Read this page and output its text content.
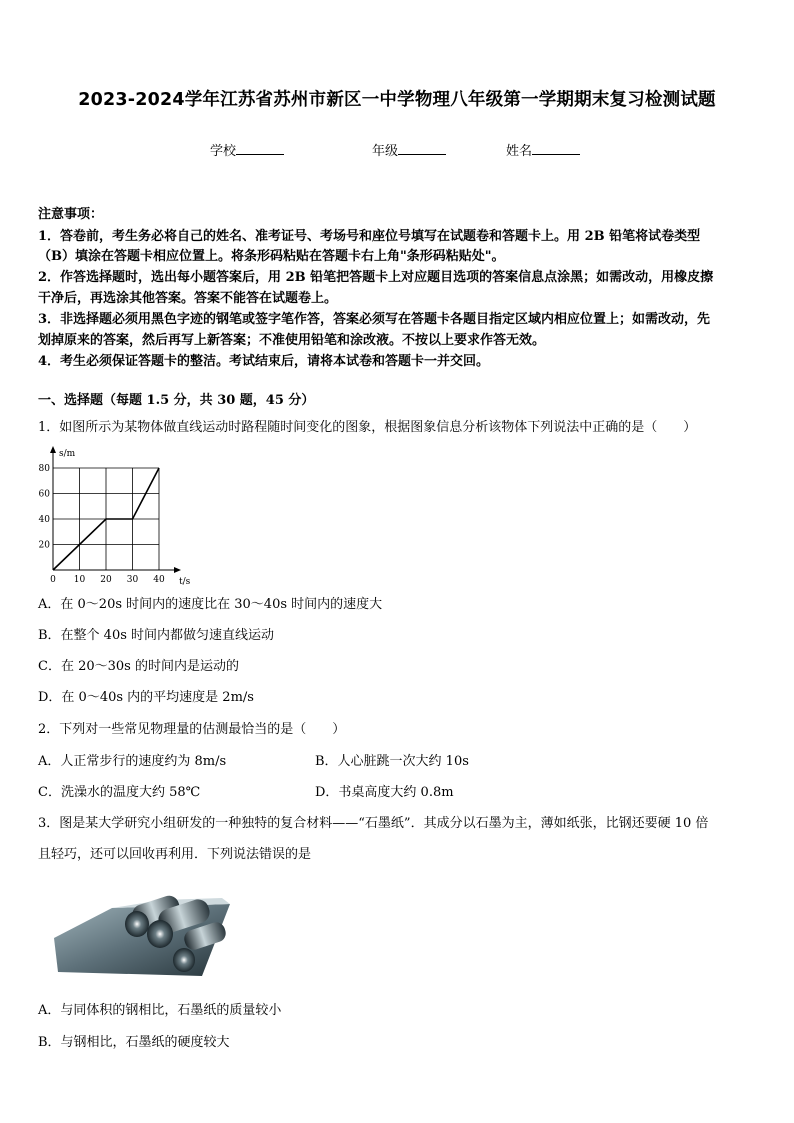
2023-2024学年江苏省苏州市新区一中学物理八年级第一学期期末复习检测试题
学校	年级	姓名
注意事项：
1．答卷前，考生务必将自己的姓名、准考证号、考场号和座位号填写在试题卷和答题卡上。用 2B 铅笔将试卷类型
（B）填涂在答题卡相应位置上。将条形码粘贴在答题卡右上角"条形码粘贴处"。
2．作答选择题时，选出每小题答案后，用 2B 铅笔把答题卡上对应题目选项的答案信息点涂黑；如需改动，用橡皮擦
干净后，再选涂其他答案。答案不能答在试题卷上。
3．非选择题必须用黑色字迹的钢笔或签字笔作答，答案必须写在答题卡各题目指定区域内相应位置上；如需改动，先
划掉原来的答案，然后再写上新答案；不准使用铅笔和涂改液。不按以上要求作答无效。
4．考生必须保证答题卡的整洁。考试结束后，请将本试卷和答题卡一并交回。
一、选择题（每题 1.5 分，共 30 题，45 分）
1．如图所示为某物体做直线运动时路程随时间变化的图象，根据图象信息分析该物体下列说法中正确的是（　　）
0 10 20 30 40
20
40
60
80
s/m
t/s
A．在 0～20s 时间内的速度比在 30～40s 时间内的速度大
B．在整个 40s 时间内都做匀速直线运动
C．在 20～30s 的时间内是运动的
D．在 0～40s 内的平均速度是 2m/s
2．下列对一些常见物理量的估测最恰当的是（　　）
A．人正常步行的速度约为 8m/s	B．人心脏跳一次大约 10s
C．洗澡水的温度大约 58℃	D．书桌高度大约 0.8m
3．图是某大学研究小组研发的一种独特的复合材料——“石墨纸”．其成分以石墨为主，薄如纸张，比钢还要硬 10 倍
且轻巧，还可以回收再利用．下列说法错误的是
A．与同体积的钢相比，石墨纸的质量较小
B．与钢相比，石墨纸的硬度较大
